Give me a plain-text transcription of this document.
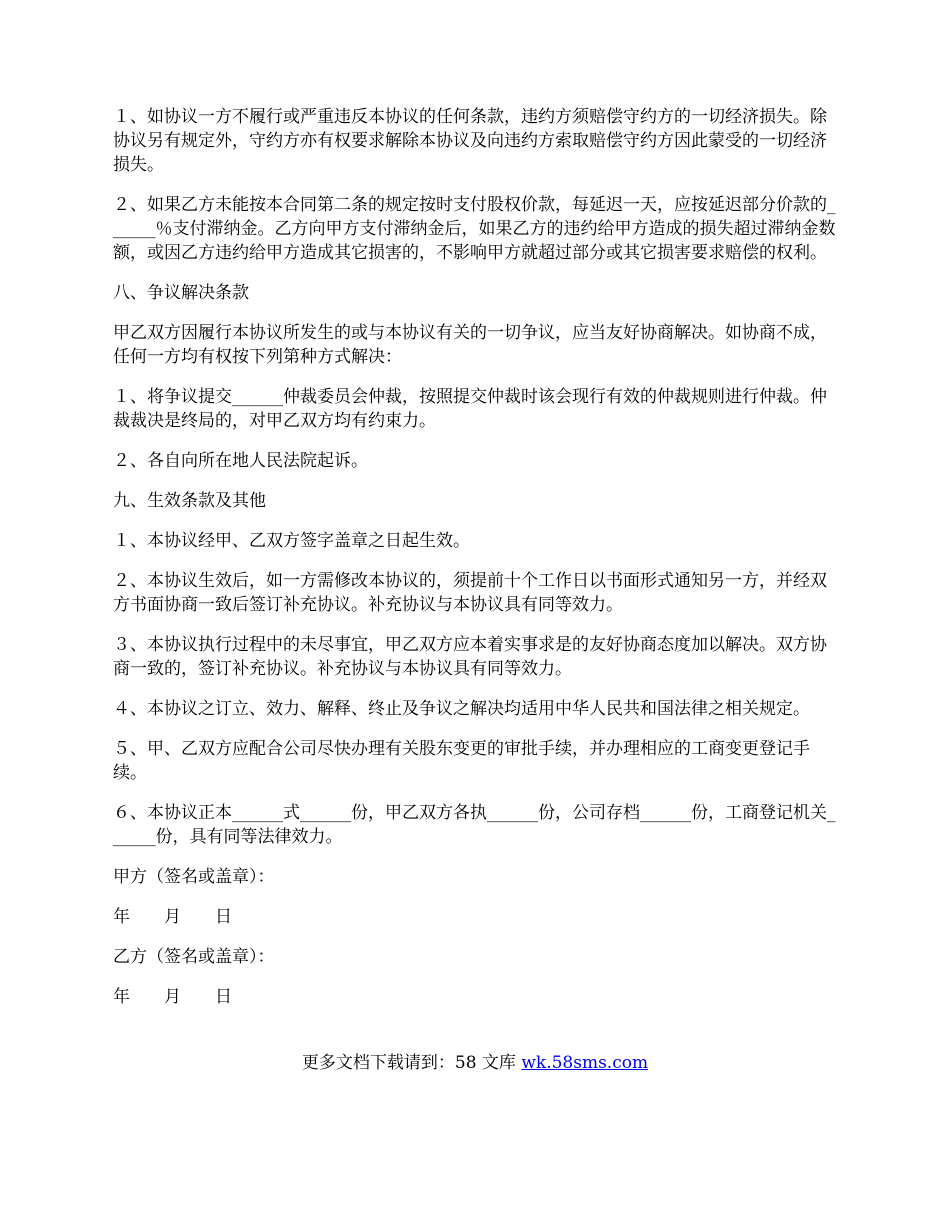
１、如协议一方不履行或严重违反本协议的任何条款，违约方须赔偿守约方的一切经济损失。除协议另有规定外，守约方亦有权要求解除本协议及向违约方索取赔偿守约方因此蒙受的一切经济损失。

２、如果乙方未能按本合同第二条的规定按时支付股权价款，每延迟一天，应按延迟部分价款的______％支付滞纳金。乙方向甲方支付滞纳金后，如果乙方的违约给甲方造成的损失超过滞纳金数额，或因乙方违约给甲方造成其它损害的，不影响甲方就超过部分或其它损害要求赔偿的权利。

八、争议解决条款

甲乙双方因履行本协议所发生的或与本协议有关的一切争议，应当友好协商解决。如协商不成，任何一方均有权按下列第种方式解决：

１、将争议提交______仲裁委员会仲裁，按照提交仲裁时该会现行有效的仲裁规则进行仲裁。仲裁裁决是终局的，对甲乙双方均有约束力。

２、各自向所在地人民法院起诉。

九、生效条款及其他

１、本协议经甲、乙双方签字盖章之日起生效。

２、本协议生效后，如一方需修改本协议的，须提前十个工作日以书面形式通知另一方，并经双方书面协商一致后签订补充协议。补充协议与本协议具有同等效力。

３、本协议执行过程中的未尽事宜，甲乙双方应本着实事求是的友好协商态度加以解决。双方协商一致的，签订补充协议。补充协议与本协议具有同等效力。

４、本协议之订立、效力、解释、终止及争议之解决均适用中华人民共和国法律之相关规定。

５、甲、乙双方应配合公司尽快办理有关股东变更的审批手续，并办理相应的工商变更登记手续。

６、本协议正本______式______份，甲乙双方各执______份，公司存档______份，工商登记机关______份，具有同等法律效力。

甲方（签名或盖章）：

年　　月　　日

乙方（签名或盖章）：

年　　月　　日

更多文档下载请到：58 文库 wk.58sms.com
